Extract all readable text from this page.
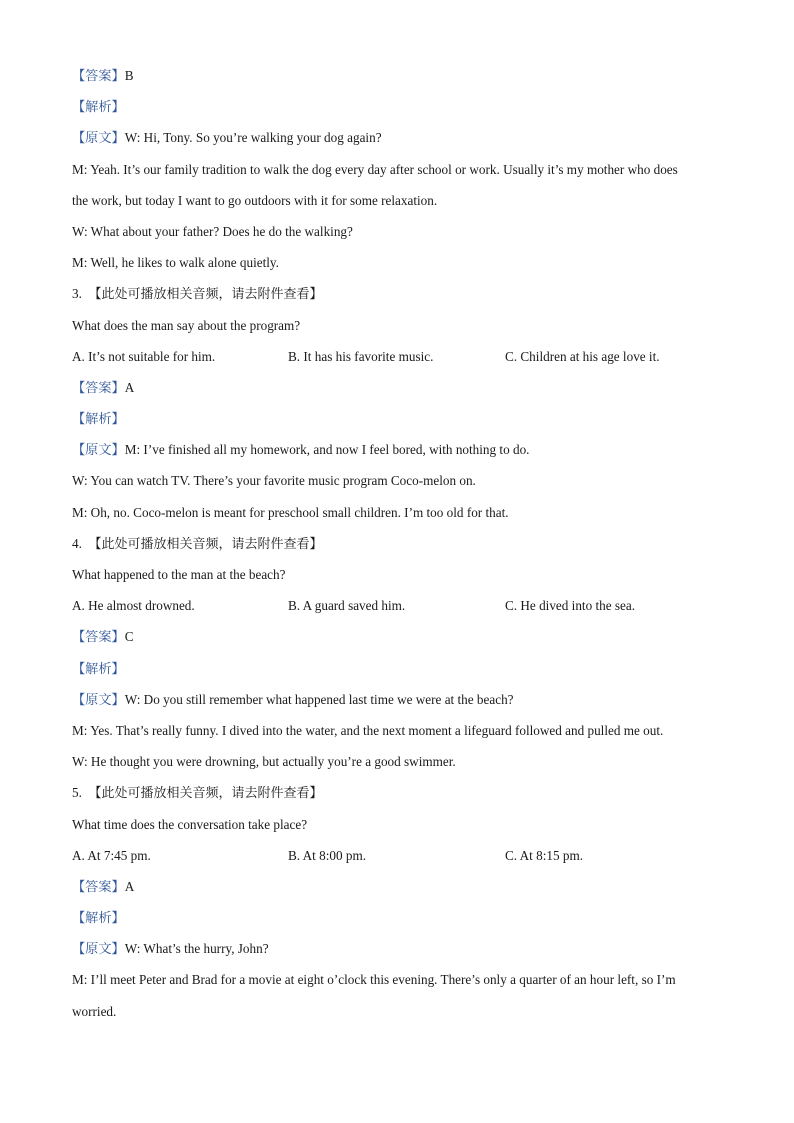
【答案】B
【解析】
【原文】W: Hi, Tony. So you’re walking your dog again?
M: Yeah. It’s our family tradition to walk the dog every day after school or work. Usually it’s my mother who does
the work, but today I want to go outdoors with it for some relaxation.
W: What about your father? Does he do the walking?
M: Well, he likes to walk alone quietly.
3. 【此处可播放相关音频，请去附件查看】
What does the man say about the program?
A. It’s not suitable for him.	B. It has his favorite music.	C. Children at his age love it.
【答案】A
【解析】
【原文】M: I’ve finished all my homework, and now I feel bored, with nothing to do.
W: You can watch TV. There’s your favorite music program Coco-melon on.
M: Oh, no. Coco-melon is meant for preschool small children. I’m too old for that.
4. 【此处可播放相关音频，请去附件查看】
What happened to the man at the beach?
A. He almost drowned.	B. A guard saved him.	C. He dived into the sea.
【答案】C
【解析】
【原文】W: Do you still remember what happened last time we were at the beach?
M: Yes. That’s really funny. I dived into the water, and the next moment a lifeguard followed and pulled me out.
W: He thought you were drowning, but actually you’re a good swimmer.
5. 【此处可播放相关音频，请去附件查看】
What time does the conversation take place?
A. At 7:45 pm.	B. At 8:00 pm.	C. At 8:15 pm.
【答案】A
【解析】
【原文】W: What’s the hurry, John?
M: I’ll meet Peter and Brad for a movie at eight o’clock this evening. There’s only a quarter of an hour left, so I’m
worried.
